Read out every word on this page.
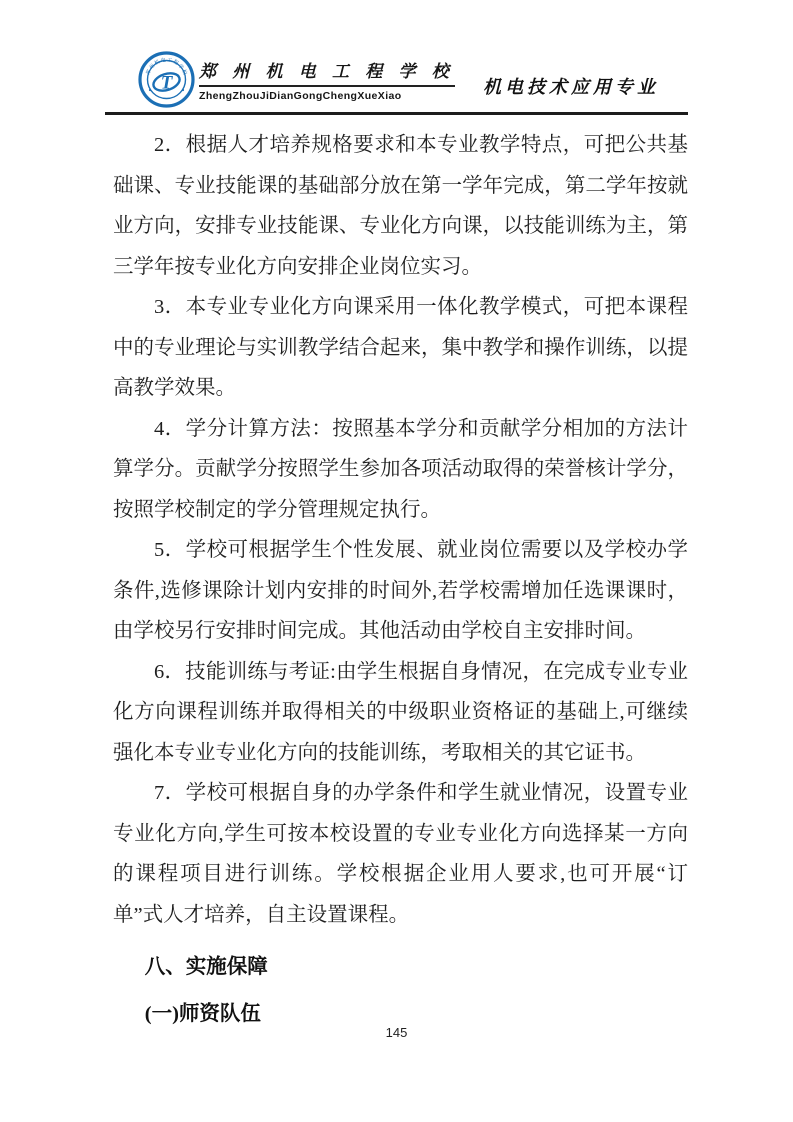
郑州机电工程学校
T
郑 州 机 电 工 程 学 校
ZhengZhouJiDianGongChengXueXiao	机电技术应用专业

2．根据人才培养规格要求和本专业教学特点，可把公共基础课、专业技能课的基础部分放在第一学年完成，第二学年按就业方向，安排专业技能课、专业化方向课，以技能训练为主，第三学年按专业化方向安排企业岗位实习。

3．本专业专业化方向课采用一体化教学模式，可把本课程中的专业理论与实训教学结合起来，集中教学和操作训练，以提高教学效果。

4．学分计算方法：按照基本学分和贡献学分相加的方法计算学分。贡献学分按照学生参加各项活动取得的荣誉核计学分，按照学校制定的学分管理规定执行。

5．学校可根据学生个性发展、就业岗位需要以及学校办学条件,选修课除计划内安排的时间外,若学校需增加任选课课时，由学校另行安排时间完成。其他活动由学校自主安排时间。

6．技能训练与考证:由学生根据自身情况，在完成专业专业化方向课程训练并取得相关的中级职业资格证的基础上,可继续强化本专业专业化方向的技能训练，考取相关的其它证书。

7．学校可根据自身的办学条件和学生就业情况，设置专业专业化方向,学生可按本校设置的专业专业化方向选择某一方向的课程项目进行训练。学校根据企业用人要求,也可开展“订单”式人才培养，自主设置课程。

八、实施保障
(一)师资队伍
145
